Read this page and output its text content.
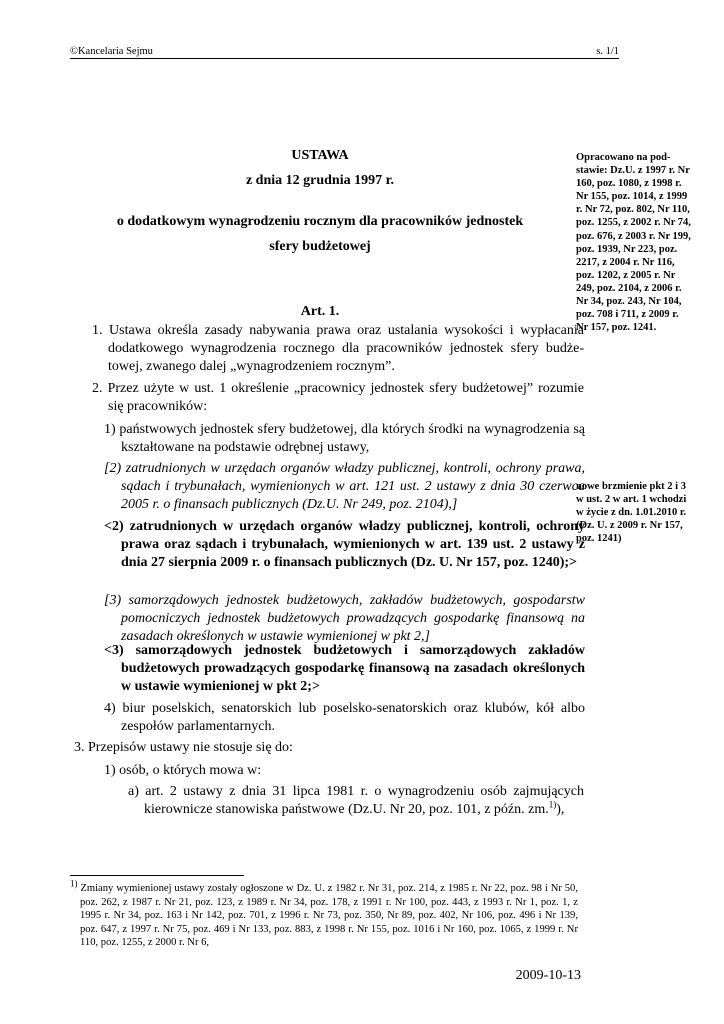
©Kancelaria Sejmu	s. 1/1
USTAWA
z dnia 12 grudnia 1997 r.
o dodatkowym wynagrodzeniu rocznym dla pracowników jednostek
sfery budżetowej
Art. 1.
1. Ustawa określa zasady nabywania prawa oraz ustalania wysokości i wypłacania dodatkowego wynagrodzenia rocznego dla pracowników jednostek sfery budżetowej, zwanego dalej „wynagrodzeniem rocznym”.
2. Przez użyte w ust. 1 określenie „pracownicy jednostek sfery budżetowej” rozumie się pracowników:
1) państwowych jednostek sfery budżetowej, dla których środki na wynagrodzenia są kształtowane na podstawie odrębnej ustawy,
[2) zatrudnionych w urzędach organów władzy publicznej, kontroli, ochrony prawa, sądach i trybunałach, wymienionych w art. 121 ust. 2 ustawy z dnia 30 czerwca 2005 r. o finansach publicznych (Dz.U. Nr 249, poz. 2104),]
<2) zatrudnionych w urzędach organów władzy publicznej, kontroli, ochrony prawa oraz sądach i trybunałach, wymienionych w art. 139 ust. 2 ustawy z dnia 27 sierpnia 2009 r. o finansach publicznych (Dz. U. Nr 157, poz. 1240);>
[3) samorządowych jednostek budżetowych, zakładów budżetowych, gospodarstw pomocniczych jednostek budżetowych prowadzących gospodarkę finansową na zasadach określonych w ustawie wymienionej w pkt 2,]
<3) samorządowych jednostek budżetowych i samorządowych zakładów budżetowych prowadzących gospodarkę finansową na zasadach określonych w ustawie wymienionej w pkt 2;>
4) biur poselskich, senatorskich lub poselsko-senatorskich oraz klubów, kół albo zespołów parlamentarnych.
3. Przepisów ustawy nie stosuje się do:
1) osób, o których mowa w:
a) art. 2 ustawy z dnia 31 lipca 1981 r. o wynagrodzeniu osób zajmujących kierownicze stanowiska państwowe (Dz.U. Nr 20, poz. 101, z późn. zm.$^{1)}$),
Opracowano na podstawie: Dz.U. z 1997 r. Nr 160, poz. 1080, z 1998 r. Nr 155, poz. 1014, z 1999 r. Nr 72, poz. 802, Nr 110, poz. 1255, z 2002 r. Nr 74, poz. 676, z 2003 r. Nr 199, poz. 1939, Nr 223, poz. 2217, z 2004 r. Nr 116, poz. 1202, z 2005 r. Nr 249, poz. 2104, z 2006 r. Nr 34, poz. 243, Nr 104, poz. 708 i 711, z 2009 r. Nr 157, poz. 1241.
nowe brzmienie pkt 2 i 3 w ust. 2 w art. 1 wchodzi w życie z dn. 1.01.2010 r. (Dz. U. z 2009 r. Nr 157, poz. 1241)
$^{1)}$ Zmiany wymienionej ustawy zostały ogłoszone w Dz. U. z 1982 r. Nr 31, poz. 214, z 1985 r. Nr 22, poz. 98 i Nr 50, poz. 262, z 1987 r. Nr 21, poz. 123, z 1989 r. Nr 34, poz. 178, z 1991 r. Nr 100, poz. 443, z 1993 r. Nr 1, poz. 1, z 1995 r. Nr 34, poz. 163 i Nr 142, poz. 701, z 1996 r. Nr 73, poz. 350, Nr 89, poz. 402, Nr 106, poz. 496 i Nr 139, poz. 647, z 1997 r. Nr 75, poz. 469 i Nr 133, poz. 883, z 1998 r. Nr 155, poz. 1016 i Nr 160, poz. 1065, z 1999 r. Nr 110, poz. 1255, z 2000 r. Nr 6,
2009-10-13
